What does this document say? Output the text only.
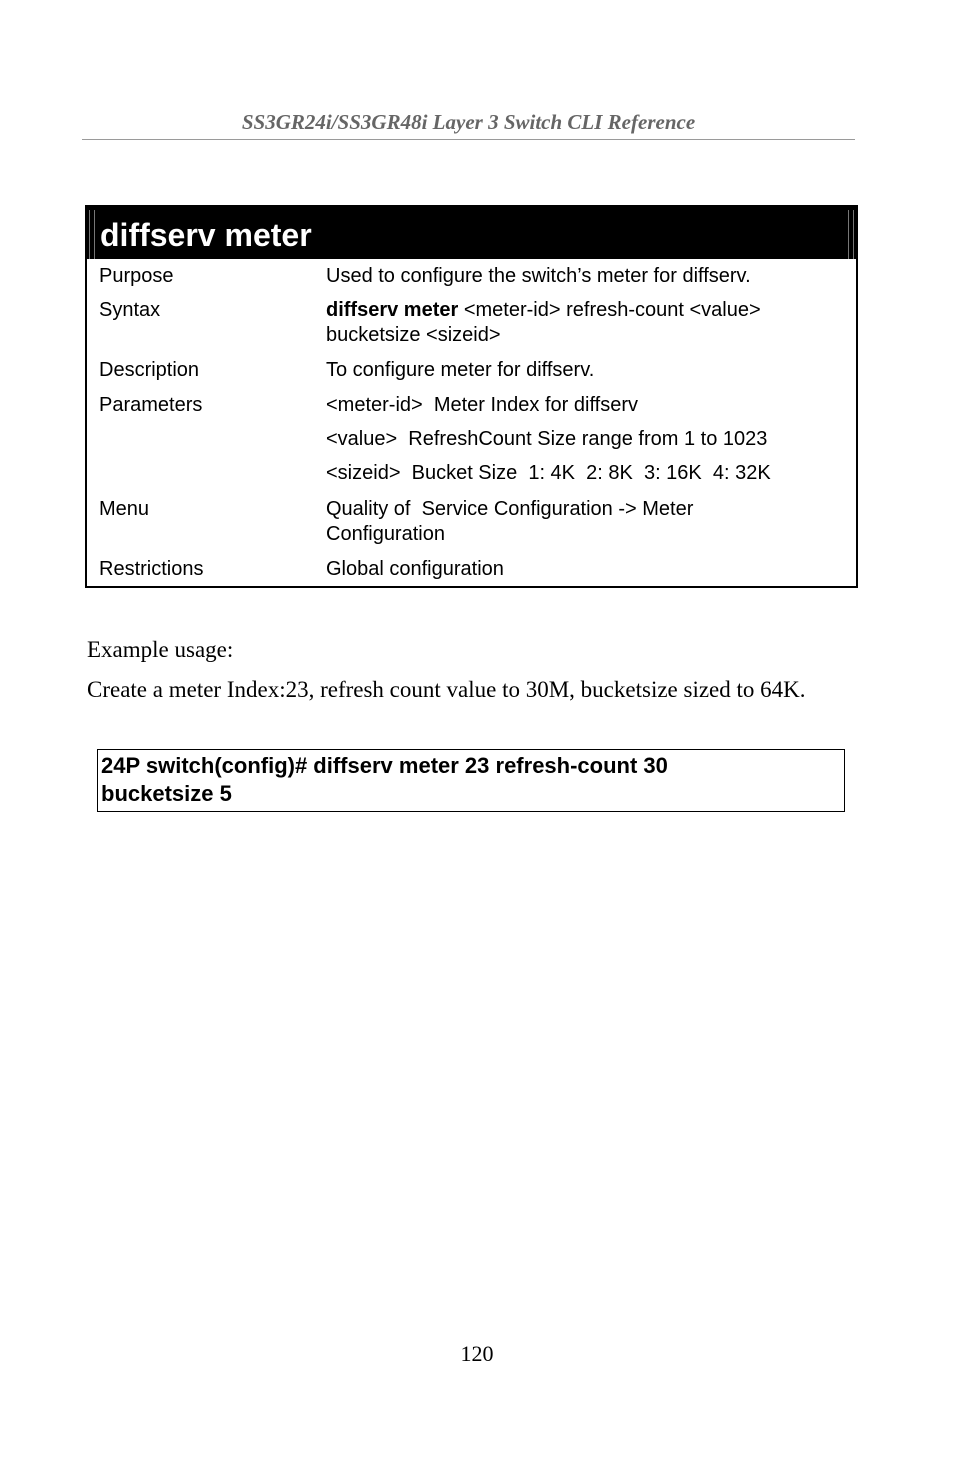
SS3GR24i/SS3GR48i Layer 3 Switch CLI Reference
diffserv meter
Purpose	Used to configure the switch’s meter for diffserv.
Syntax	diffserv meter <meter-id> refresh-count <value>
bucketsize <sizeid>
Description	To configure meter for diffserv.
Parameters	<meter-id>  Meter Index for diffserv
<value>  RefreshCount Size range from 1 to 1023
<sizeid>  Bucket Size  1: 4K  2: 8K  3: 16K  4: 32K
Menu	Quality of  Service Configuration -> Meter
Configuration
Restrictions	Global configuration
Example usage:
Create a meter Index:23, refresh count value to 30M, bucketsize sized to 64K.
24P switch(config)# diffserv meter 23 refresh-count 30
bucketsize 5
120
